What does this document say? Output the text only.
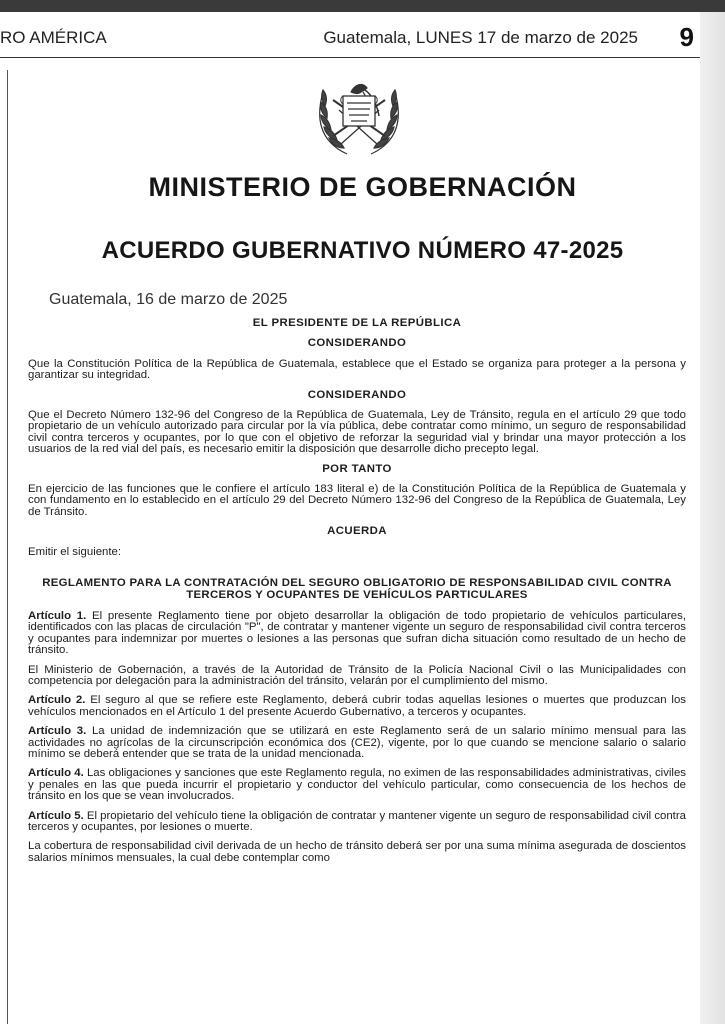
RO AMÉRICA	Guatemala, LUNES 17 de marzo de 2025 9
MINISTERIO DE GOBERNACIÓN
ACUERDO GUBERNATIVO NÚMERO 47-2025
Guatemala, 16 de marzo de 2025
EL PRESIDENTE DE LA REPÚBLICA
CONSIDERANDO
Que la Constitución Política de la República de Guatemala, establece que el Estado se organiza para proteger a la persona y garantizar su integridad.
CONSIDERANDO
Que el Decreto Número 132-96 del Congreso de la República de Guatemala, Ley de Tránsito, regula en el artículo 29 que todo propietario de un vehículo autorizado para circular por la vía pública, debe contratar como mínimo, un seguro de responsabilidad civil contra terceros y ocupantes, por lo que con el objetivo de reforzar la seguridad vial y brindar una mayor protección a los usuarios de la red vial del país, es necesario emitir la disposición que desarrolle dicho precepto legal.
POR TANTO
En ejercicio de las funciones que le confiere el artículo 183 literal e) de la Constitución Política de la República de Guatemala y con fundamento en lo establecido en el artículo 29 del Decreto Número 132-96 del Congreso de la República de Guatemala, Ley de Tránsito.
ACUERDA
Emitir el siguiente:
REGLAMENTO PARA LA CONTRATACIÓN DEL SEGURO OBLIGATORIO DE RESPONSABILIDAD CIVIL CONTRA TERCEROS Y OCUPANTES DE VEHÍCULOS PARTICULARES
Artículo 1. El presente Reglamento tiene por objeto desarrollar la obligación de todo propietario de vehículos particulares, identificados con las placas de circulación "P", de contratar y mantener vigente un seguro de responsabilidad civil contra terceros y ocupantes para indemnizar por muertes o lesiones a las personas que sufran dicha situación como resultado de un hecho de tránsito.
El Ministerio de Gobernación, a través de la Autoridad de Tránsito de la Policía Nacional Civil o las Municipalidades con competencia por delegación para la administración del tránsito, velarán por el cumplimiento del mismo.
Artículo 2. El seguro al que se refiere este Reglamento, deberá cubrir todas aquellas lesiones o muertes que produzcan los vehículos mencionados en el Artículo 1 del presente Acuerdo Gubernativo, a terceros y ocupantes.
Artículo 3. La unidad de indemnización que se utilizará en este Reglamento será de un salario mínimo mensual para las actividades no agrícolas de la circunscripción económica dos (CE2), vigente, por lo que cuando se mencione salario o salario mínimo se deberá entender que se trata de la unidad mencionada.
Artículo 4. Las obligaciones y sanciones que este Reglamento regula, no eximen de las responsabilidades administrativas, civiles y penales en las que pueda incurrir el propietario y conductor del vehículo particular, como consecuencia de los hechos de tránsito en los que se vean involucrados.
Artículo 5. El propietario del vehículo tiene la obligación de contratar y mantener vigente un seguro de responsabilidad civil contra terceros y ocupantes, por lesiones o muerte.
La cobertura de responsabilidad civil derivada de un hecho de tránsito deberá ser por una suma mínima asegurada de doscientos salarios mínimos mensuales, la cual debe contemplar como
